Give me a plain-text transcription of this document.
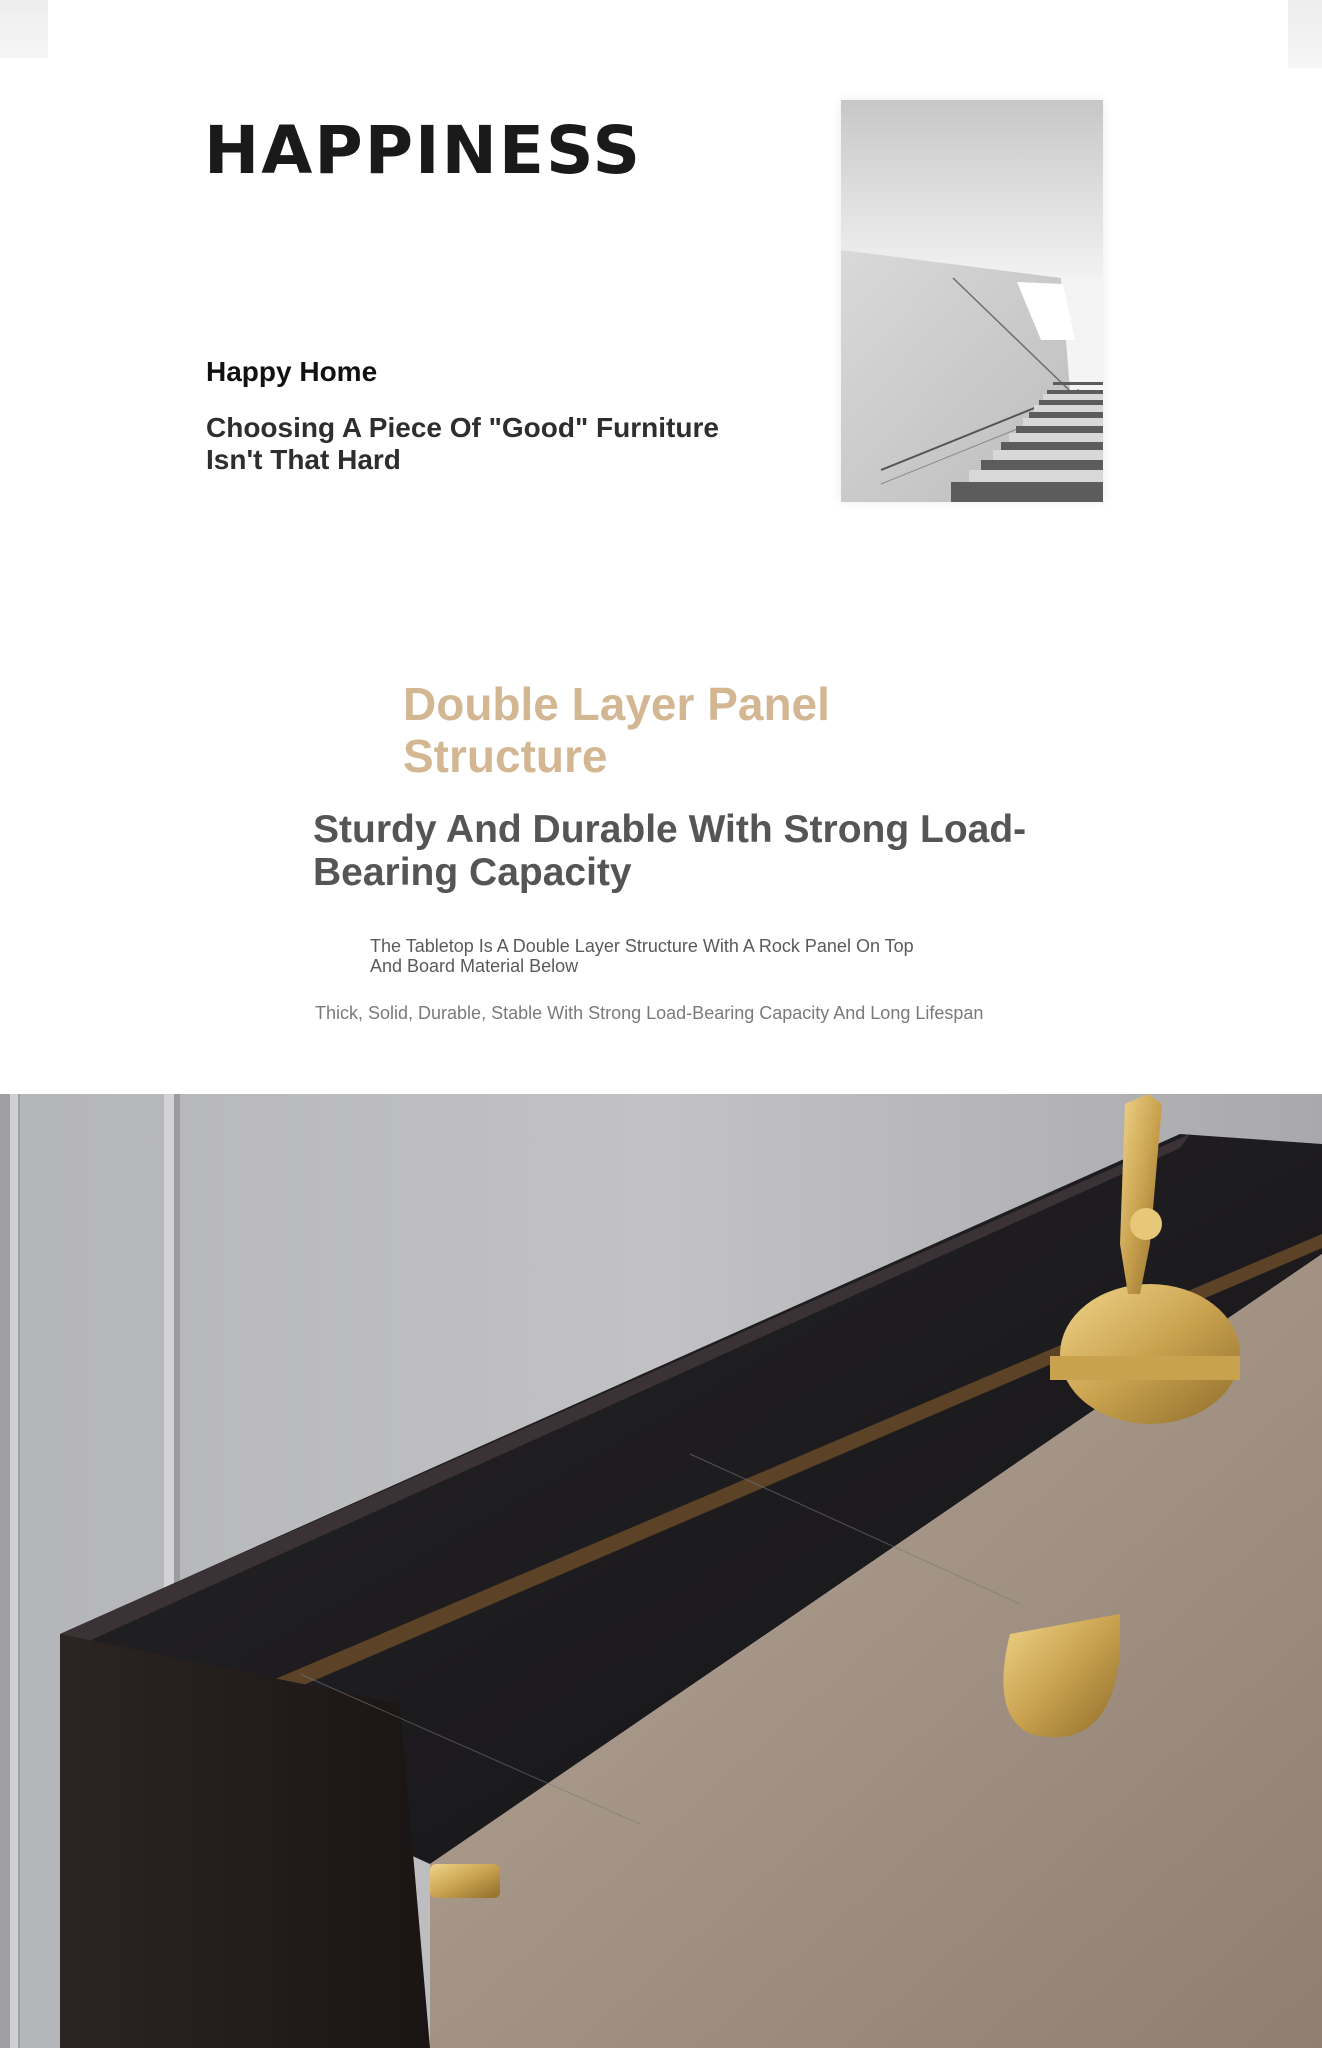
HAPPINESS
Happy Home

Choosing A Piece Of "Good" Furniture Isn't That Hard

Double Layer Panel Structure
Sturdy And Durable With Strong Load-Bearing Capacity

The Tabletop Is A Double Layer Structure With A Rock Panel On Top And Board Material Below

Thick, Solid, Durable, Stable With Strong Load-Bearing Capacity And Long Lifespan
